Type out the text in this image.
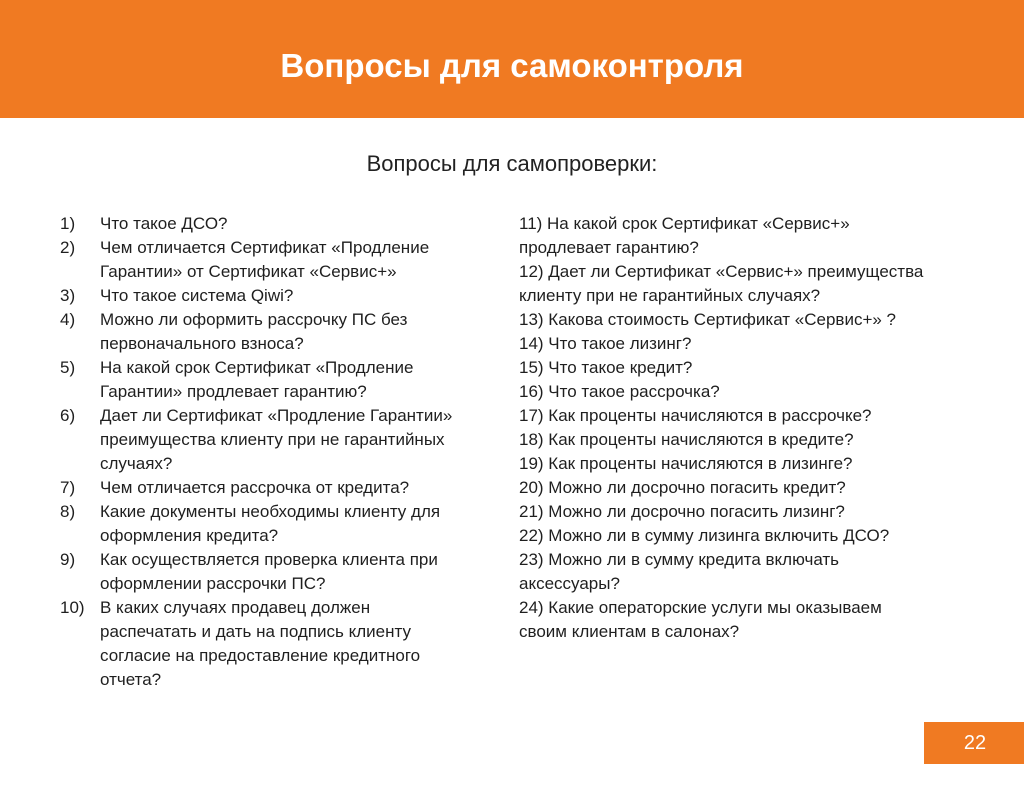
Вопросы для самоконтроля
Вопросы для самопроверки:
1)	Что такое ДСО?
2)	Чем отличается Сертификат «Продление Гарантии» от Сертификат «Сервис+»
3)	Что такое система Qiwi?
4)	Можно ли оформить рассрочку ПС без первоначального взноса?
5)	На какой срок Сертификат «Продление Гарантии» продлевает гарантию?
6)	Дает ли Сертификат «Продление Гарантии» преимущества клиенту при не гарантийных случаях?
7)	Чем отличается рассрочка от кредита?
8)	Какие документы необходимы клиенту для оформления кредита?
9)	Как осуществляется проверка клиента при оформлении рассрочки ПС?
10) В каких случаях продавец должен распечатать и дать на подпись клиенту согласие на предоставление кредитного отчета?
11) На какой срок Сертификат «Сервис+» продлевает гарантию?
12) Дает ли Сертификат «Сервис+» преимущества клиенту при не гарантийных случаях?
13) Какова стоимость Сертификат «Сервис+» ?
14) Что такое лизинг?
15) Что такое кредит?
16) Что такое рассрочка?
17) Как проценты начисляются в рассрочке?
18) Как проценты начисляются в кредите?
19) Как проценты начисляются в лизинге?
20) Можно ли досрочно погасить кредит?
21) Можно ли досрочно погасить лизинг?
22) Можно ли в сумму лизинга включить ДСО?
23) Можно ли в сумму кредита включать аксессуары?
24) Какие операторские услуги мы оказываем своим клиентам в салонах?
22
